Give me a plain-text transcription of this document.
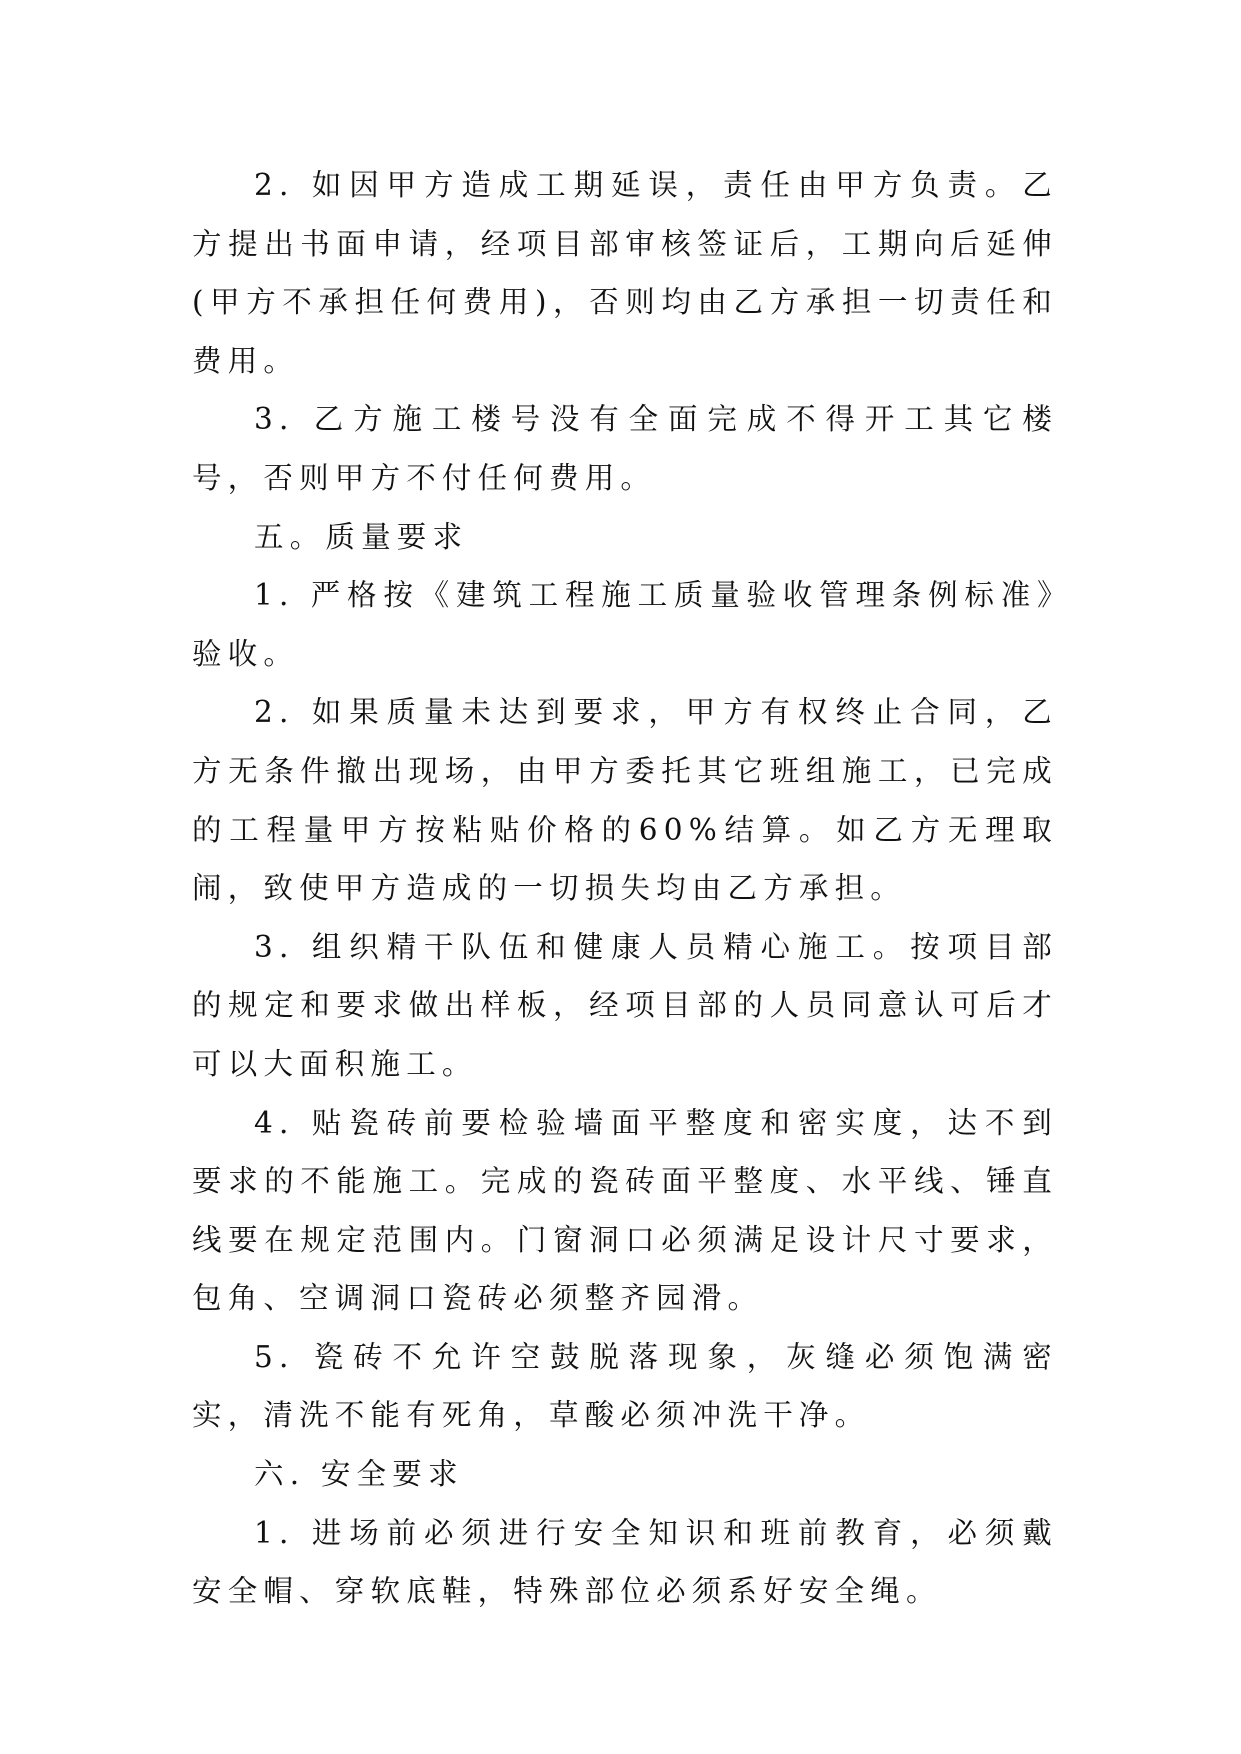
2. 如因甲方造成工期延误，责任由甲方负责。乙方提出书面申请，经项目部审核签证后，工期向后延伸(甲方不承担任何费用)，否则均由乙方承担一切责任和费用。

3. 乙方施工楼号没有全面完成不得开工其它楼号，否则甲方不付任何费用。

五。质量要求

1. 严格按《建筑工程施工质量验收管理条例标准》验收。

2. 如果质量未达到要求，甲方有权终止合同，乙方无条件撤出现场，由甲方委托其它班组施工，已完成的工程量甲方按粘贴价格的60%结算。如乙方无理取闹，致使甲方造成的一切损失均由乙方承担。

3. 组织精干队伍和健康人员精心施工。按项目部的规定和要求做出样板，经项目部的人员同意认可后才可以大面积施工。

4. 贴瓷砖前要检验墙面平整度和密实度，达不到要求的不能施工。完成的瓷砖面平整度、水平线、锤直线要在规定范围内。门窗洞口必须满足设计尺寸要求，包角、空调洞口瓷砖必须整齐园滑。

5. 瓷砖不允许空鼓脱落现象，灰缝必须饱满密实，清洗不能有死角，草酸必须冲洗干净。

六. 安全要求

1. 进场前必须进行安全知识和班前教育，必须戴安全帽、穿软底鞋，特殊部位必须系好安全绳。
